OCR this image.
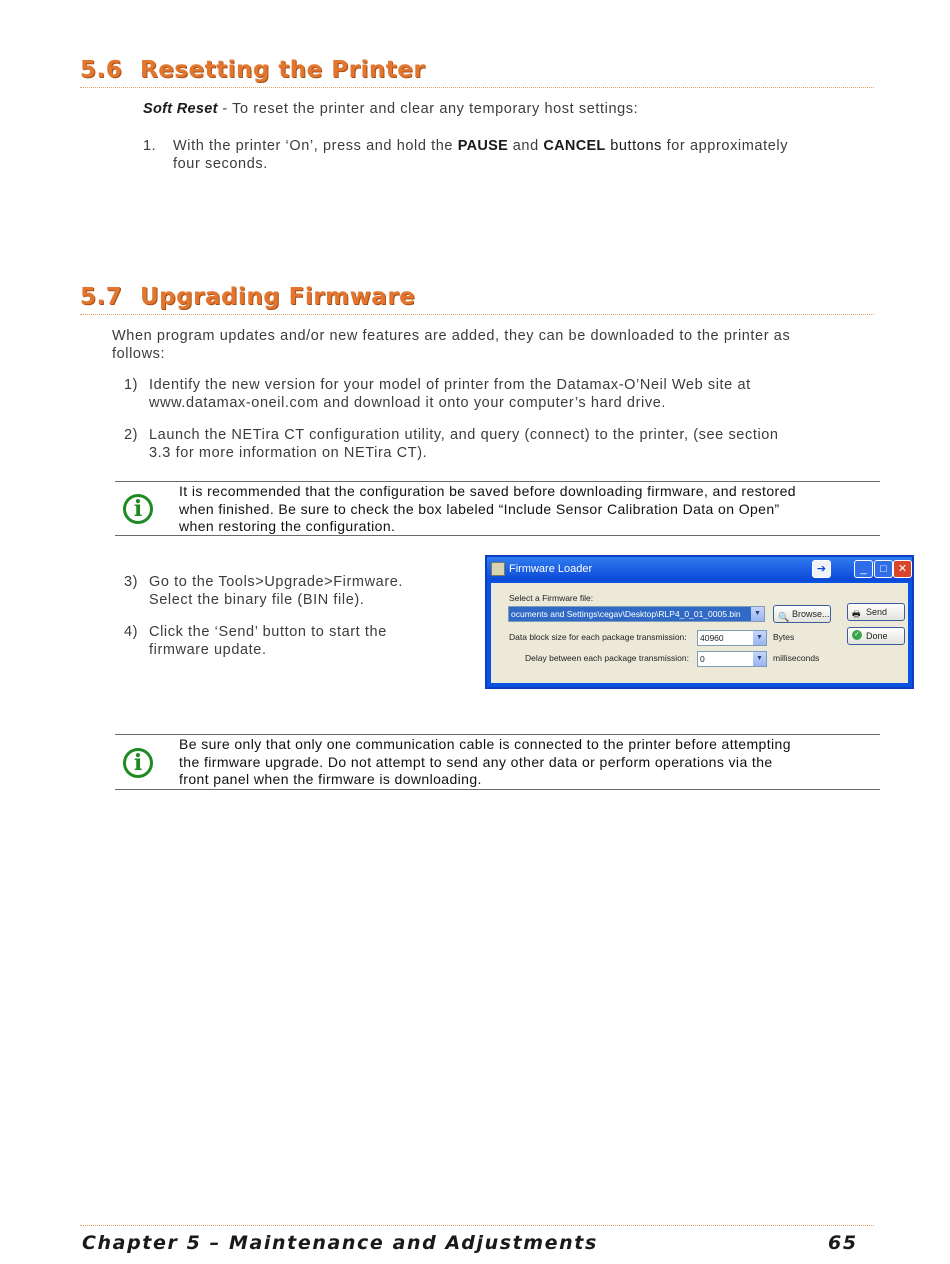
5.6 Resetting the Printer
Soft Reset - To reset the printer and clear any temporary host settings:
1. With the printer ‘On’, press and hold the PAUSE and CANCEL buttons for approximately
four seconds.
5.7 Upgrading Firmware
When program updates and/or new features are added, they can be downloaded to the printer as
follows:
1) Identify the new version for your model of printer from the Datamax-O’Neil Web site at
www.datamax-oneil.com and download it onto your computer’s hard drive.
2) Launch the NETira CT configuration utility, and query (connect) to the printer, (see section
3.3 for more information on NETira CT).
i
It is recommended that the configuration be saved before downloading firmware, and restored
when finished. Be sure to check the box labeled “Include Sensor Calibration Data on Open”
when restoring the configuration.
3) Go to the Tools>Upgrade>Firmware.
Select the binary file (BIN file).
4) Click the ‘Send’ button to start the
firmware update.
Firmware Loader	➔	_	□	✕
Select a Firmware file:
ocuments and Settings\cegav\Desktop\RLP4_0_01_0005.bin	▼	🔍 Browse... 🖶 Send
✓ Done
Data block size for each package transmission:	40960	▼	Bytes
Delay between each package transmission:	0	▼	milliseconds
i
Be sure only that only one communication cable is connected to the printer before attempting
the firmware upgrade. Do not attempt to send any other data or perform operations via the
front panel when the firmware is downloading.
Chapter 5 – Maintenance and Adjustments	65
